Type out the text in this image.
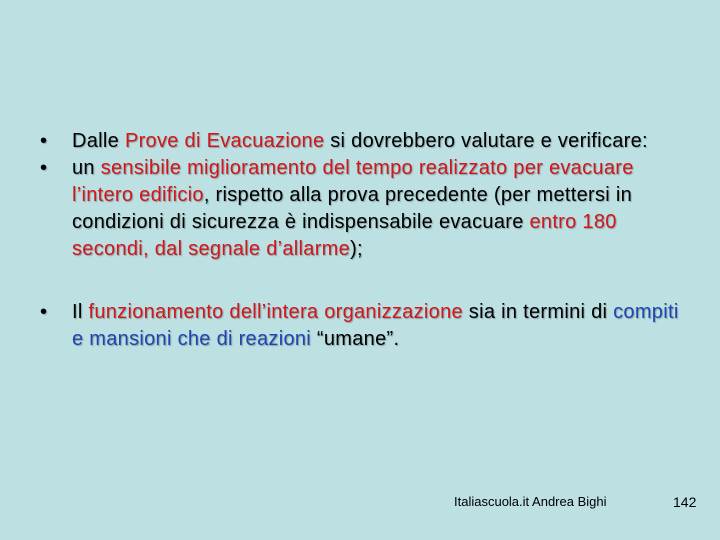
•	Dalle Prove di Evacuazione si dovrebbero valutare e verificare:
•	un sensibile miglioramento del tempo realizzato per evacuare l’intero edificio, rispetto alla prova precedente (per mettersi in condizioni di sicurezza è indispensabile evacuare entro 180 secondi, dal segnale d’allarme);
•	Il funzionamento dell’intera organizzazione sia in termini di compiti e mansioni che di reazioni “umane”.
Italiascuola.it Andrea Bighi	142
